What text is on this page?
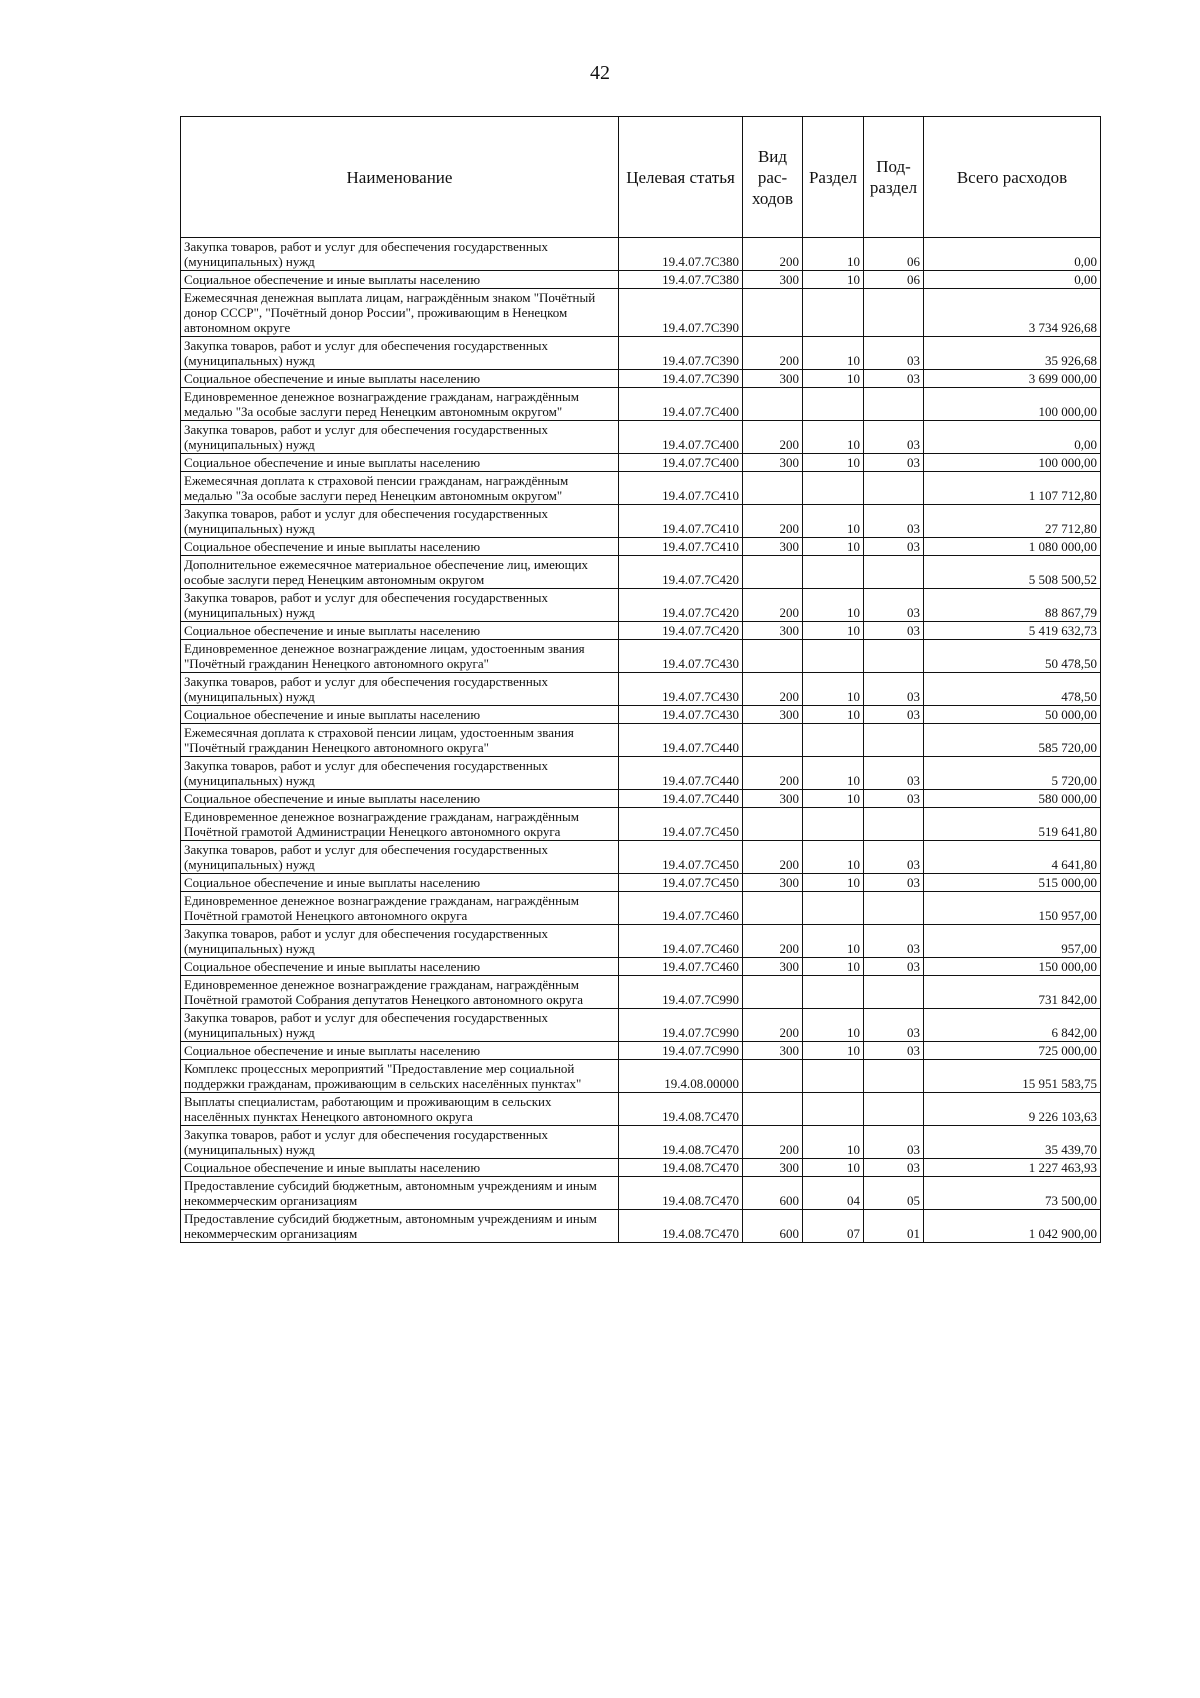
42
Наименование	Целевая статья	Вид рас-ходов	Раздел	Под-раздел	Всего расходов
Закупка товаров, работ и услуг для обеспечения государственных (муниципальных) нужд	19.4.07.7С380	200	10	06	0,00
Социальное обеспечение и иные выплаты населению	19.4.07.7С380	300	10	06	0,00
Ежемесячная денежная выплата лицам, награждённым знаком "Почётный донор СССР", "Почётный донор России", проживающим в Ненецком автономном округе	19.4.07.7С390				3 734 926,68
Закупка товаров, работ и услуг для обеспечения государственных (муниципальных) нужд	19.4.07.7С390	200	10	03	35 926,68
Социальное обеспечение и иные выплаты населению	19.4.07.7С390	300	10	03	3 699 000,00
Единовременное денежное вознаграждение гражданам, награждённым медалью "За особые заслуги перед Ненецким автономным округом"	19.4.07.7С400				100 000,00
Закупка товаров, работ и услуг для обеспечения государственных (муниципальных) нужд	19.4.07.7С400	200	10	03	0,00
Социальное обеспечение и иные выплаты населению	19.4.07.7С400	300	10	03	100 000,00
Ежемесячная доплата к страховой пенсии гражданам, награждённым медалью "За особые заслуги перед Ненецким автономным округом"	19.4.07.7С410				1 107 712,80
Закупка товаров, работ и услуг для обеспечения государственных (муниципальных) нужд	19.4.07.7С410	200	10	03	27 712,80
Социальное обеспечение и иные выплаты населению	19.4.07.7С410	300	10	03	1 080 000,00
Дополнительное ежемесячное материальное обеспечение лиц, имеющих особые заслуги перед Ненецким автономным округом	19.4.07.7С420				5 508 500,52
Закупка товаров, работ и услуг для обеспечения государственных (муниципальных) нужд	19.4.07.7С420	200	10	03	88 867,79
Социальное обеспечение и иные выплаты населению	19.4.07.7С420	300	10	03	5 419 632,73
Единовременное денежное вознаграждение лицам, удостоенным звания "Почётный гражданин Ненецкого автономного округа"	19.4.07.7С430				50 478,50
Закупка товаров, работ и услуг для обеспечения государственных (муниципальных) нужд	19.4.07.7С430	200	10	03	478,50
Социальное обеспечение и иные выплаты населению	19.4.07.7С430	300	10	03	50 000,00
Ежемесячная доплата к страховой пенсии лицам, удостоенным звания "Почётный гражданин Ненецкого автономного округа"	19.4.07.7С440				585 720,00
Закупка товаров, работ и услуг для обеспечения государственных (муниципальных) нужд	19.4.07.7С440	200	10	03	5 720,00
Социальное обеспечение и иные выплаты населению	19.4.07.7С440	300	10	03	580 000,00
Единовременное денежное вознаграждение гражданам, награждённым Почётной грамотой Администрации Ненецкого автономного округа	19.4.07.7С450				519 641,80
Закупка товаров, работ и услуг для обеспечения государственных (муниципальных) нужд	19.4.07.7С450	200	10	03	4 641,80
Социальное обеспечение и иные выплаты населению	19.4.07.7С450	300	10	03	515 000,00
Единовременное денежное вознаграждение гражданам, награждённым Почётной грамотой Ненецкого автономного округа	19.4.07.7С460				150 957,00
Закупка товаров, работ и услуг для обеспечения государственных (муниципальных) нужд	19.4.07.7С460	200	10	03	957,00
Социальное обеспечение и иные выплаты населению	19.4.07.7С460	300	10	03	150 000,00
Единовременное денежное вознаграждение гражданам, награждённым Почётной грамотой Собрания депутатов Ненецкого автономного округа	19.4.07.7С990				731 842,00
Закупка товаров, работ и услуг для обеспечения государственных (муниципальных) нужд	19.4.07.7С990	200	10	03	6 842,00
Социальное обеспечение и иные выплаты населению	19.4.07.7С990	300	10	03	725 000,00
Комплекс процессных мероприятий "Предоставление мер социальной поддержки гражданам, проживающим в сельских населённых пунктах"	19.4.08.00000				15 951 583,75
Выплаты специалистам, работающим и проживающим в сельских населённых пунктах Ненецкого автономного округа	19.4.08.7С470				9 226 103,63
Закупка товаров, работ и услуг для обеспечения государственных (муниципальных) нужд	19.4.08.7С470	200	10	03	35 439,70
Социальное обеспечение и иные выплаты населению	19.4.08.7С470	300	10	03	1 227 463,93
Предоставление субсидий бюджетным, автономным учреждениям и иным некоммерческим организациям	19.4.08.7С470	600	04	05	73 500,00
Предоставление субсидий бюджетным, автономным учреждениям и иным некоммерческим организациям	19.4.08.7С470	600	07	01	1 042 900,00
